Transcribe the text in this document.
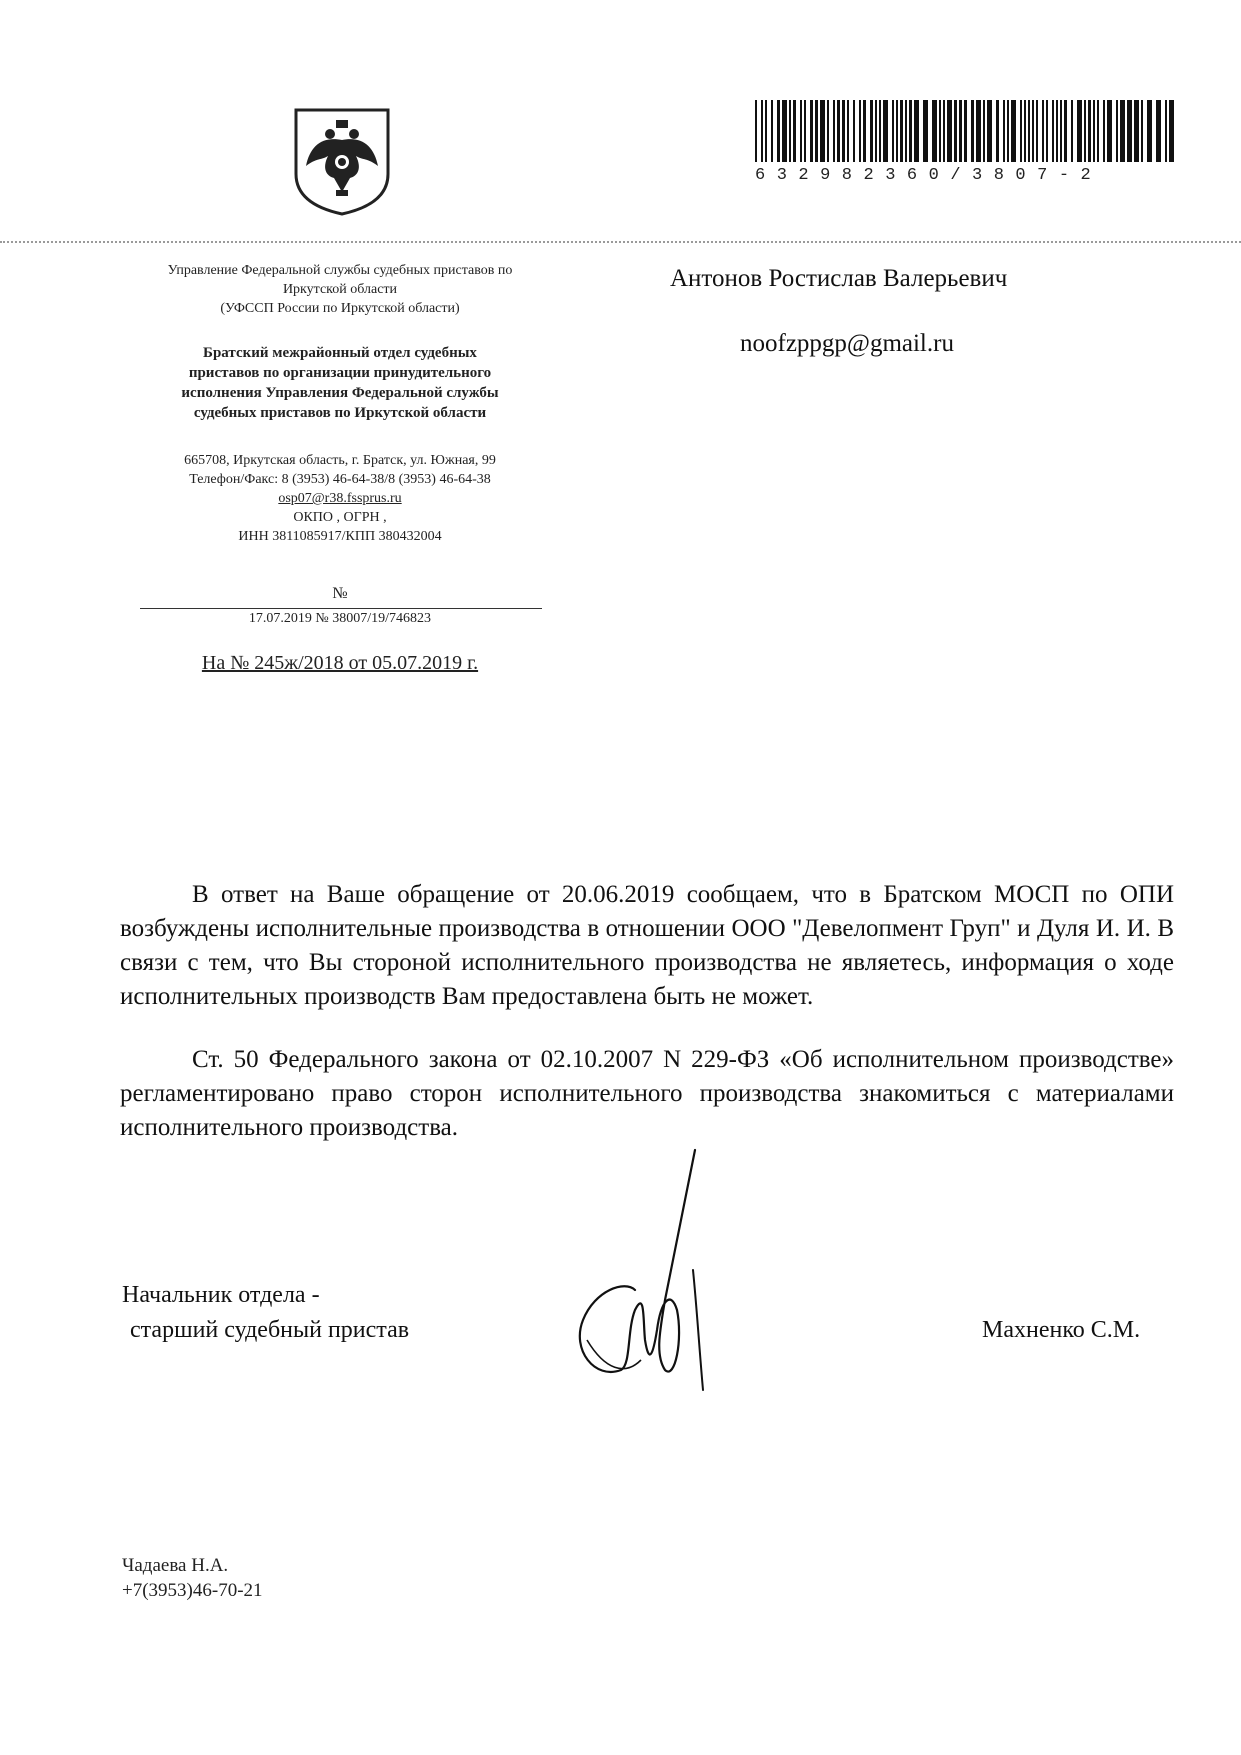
632982360/3807-2
Управление Федеральной службы судебных приставов по
Иркутской области
(УФССП России по Иркутской области)
Братский межрайонный отдел судебных
приставов по организации принудительного
исполнения Управления Федеральной службы
судебных приставов по Иркутской области
665708, Иркутская область, г. Братск, ул. Южная, 99
Телефон/Факс: 8 (3953) 46-64-38/8 (3953) 46-64-38
osp07@r38.fssprus.ru
ОКПО , ОГРН ,
ИНН 3811085917/КПП 380432004
№
17.07.2019 № 38007/19/746823
На № 245ж/2018 от 05.07.2019 г.
Антонов Ростислав Валерьевич
noofzppgp@gmail.ru
В ответ на Ваше обращение от 20.06.2019 сообщаем, что в Братском МОСП по ОПИ возбуждены исполнительные производства в отношении ООО "Девелопмент Груп" и Дуля И. И. В связи с тем, что Вы стороной исполнительного производства не являетесь, информация о ходе исполнительных производств Вам предоставлена быть не может.
Ст. 50 Федерального закона от 02.10.2007 N 229-ФЗ «Об исполнительном производстве» регламентировано право сторон исполнительного производства знакомиться с материалами исполнительного производства.
Начальник отдела -
старший судебный пристав	Махненко С.М.
Чадаева Н.А.
+7(3953)46-70-21
